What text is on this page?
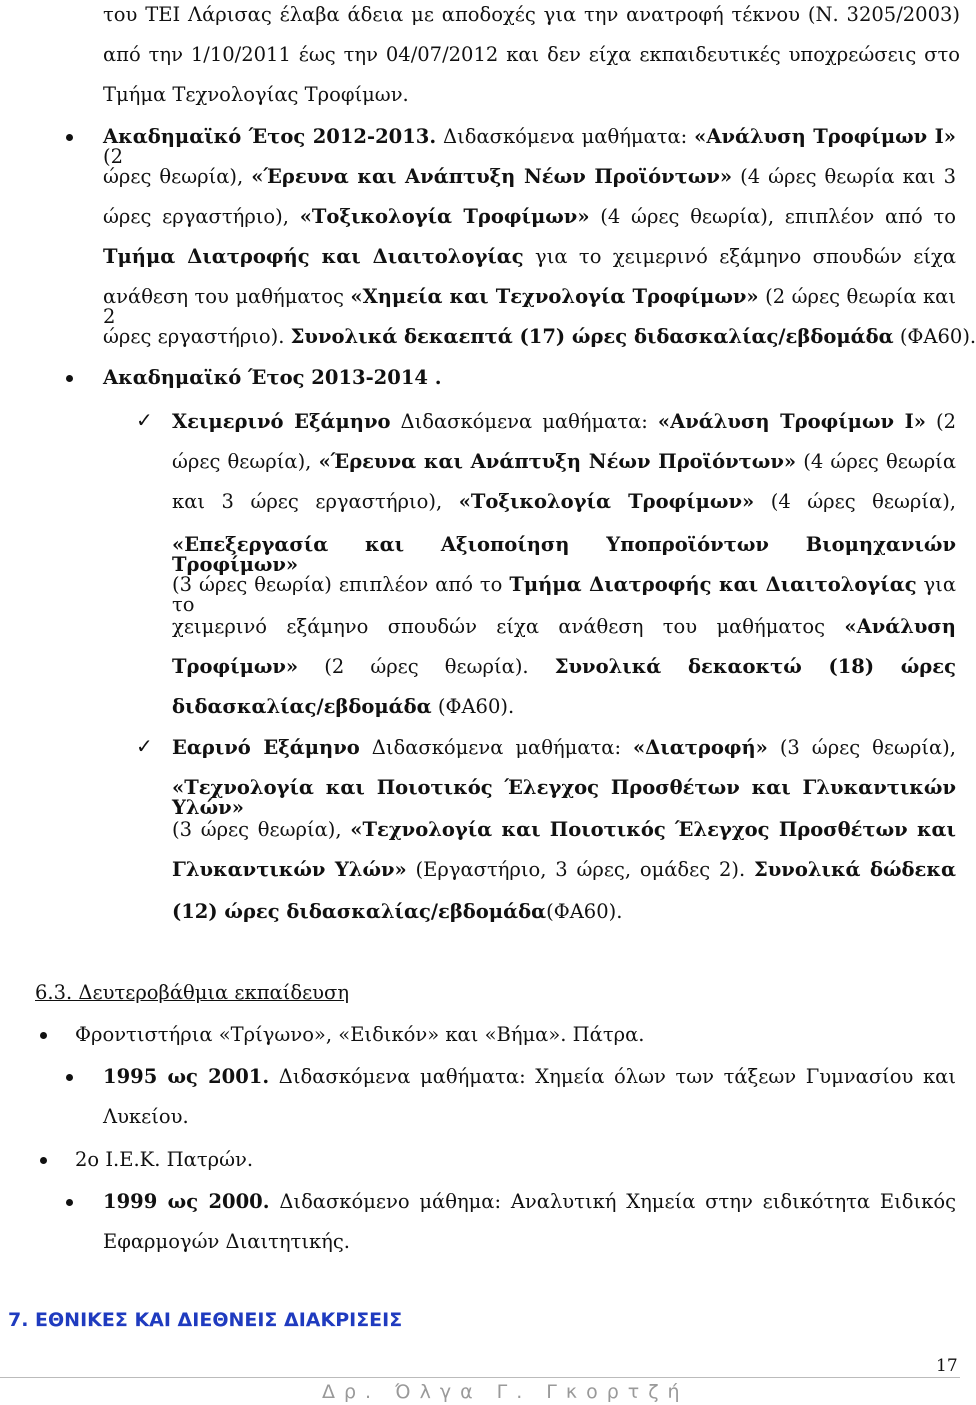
του ΤΕΙ Λάρισας έλαβα άδεια με αποδοχές για την ανατροφή τέκνου (Ν. 3205/2003)
από την 1/10/2011 έως την 04/07/2012 και δεν είχα εκπαιδευτικές υποχρεώσεις στο
Τμήμα Τεχνολογίας Τροφίμων.
Ακαδημαϊκό Έτος 2012-2013. Διδασκόμενα μαθήματα: «Ανάλυση Τροφίμων Ι» (2
ώρες θεωρία), «Έρευνα και Ανάπτυξη Νέων Προϊόντων» (4 ώρες θεωρία και 3
ώρες εργαστήριο), «Τοξικολογία Τροφίμων» (4 ώρες θεωρία), επιπλέον από το
Τμήμα Διατροφής και Διαιτολογίας για το χειμερινό εξάμηνο σπουδών είχα
ανάθεση του μαθήματος «Χημεία και Τεχνολογία Τροφίμων» (2 ώρες θεωρία και 2
ώρες εργαστήριο). Συνολικά δεκαεπτά (17) ώρες διδασκαλίας/εβδομάδα (ΦΑ60).
Ακαδημαϊκό Έτος 2013-2014 .
✓ Χειμερινό Εξάμηνο Διδασκόμενα μαθήματα: «Ανάλυση Τροφίμων Ι» (2
ώρες θεωρία), «Έρευνα και Ανάπτυξη Νέων Προϊόντων» (4 ώρες θεωρία
και 3 ώρες εργαστήριο), «Τοξικολογία Τροφίμων» (4 ώρες θεωρία),
«Επεξεργασία και Αξιοποίηση Υποπροϊόντων Βιομηχανιών Τροφίμων»
(3 ώρες θεωρία) επιπλέον από το Τμήμα Διατροφής και Διαιτολογίας για το
χειμερινό εξάμηνο σπουδών είχα ανάθεση του μαθήματος «Ανάλυση
Τροφίμων» (2 ώρες θεωρία). Συνολικά δεκαοκτώ (18) ώρες
διδασκαλίας/εβδομάδα (ΦΑ60).
✓ Εαρινό Εξάμηνο Διδασκόμενα μαθήματα: «Διατροφή» (3 ώρες θεωρία),
«Τεχνολογία και Ποιοτικός Έλεγχος Προσθέτων και Γλυκαντικών Υλών»
(3 ώρες θεωρία), «Τεχνολογία και Ποιοτικός Έλεγχος Προσθέτων και
Γλυκαντικών Υλών» (Εργαστήριο, 3 ώρες, ομάδες 2). Συνολικά δώδεκα
(12) ώρες διδασκαλίας/εβδομάδα(ΦΑ60).
6.3. Δευτεροβάθμια εκπαίδευση
Φροντιστήρια «Τρίγωνο», «Ειδικόν» και «Βήμα». Πάτρα.
1995 ως 2001. Διδασκόμενα μαθήματα: Χημεία όλων των τάξεων Γυμνασίου και
Λυκείου.
2ο Ι.Ε.Κ. Πατρών.
1999 ως 2000. Διδασκόμενο μάθημα: Αναλυτική Χημεία στην ειδικότητα Ειδικός
Εφαρμογών Διαιτητικής.
7. ΕΘΝΙΚΕΣ ΚΑΙ ΔΙΕΘΝΕΙΣ ΔΙΑΚΡΙΣΕΙΣ
17
Δρ. Όλγα Γ. Γκορτζή
